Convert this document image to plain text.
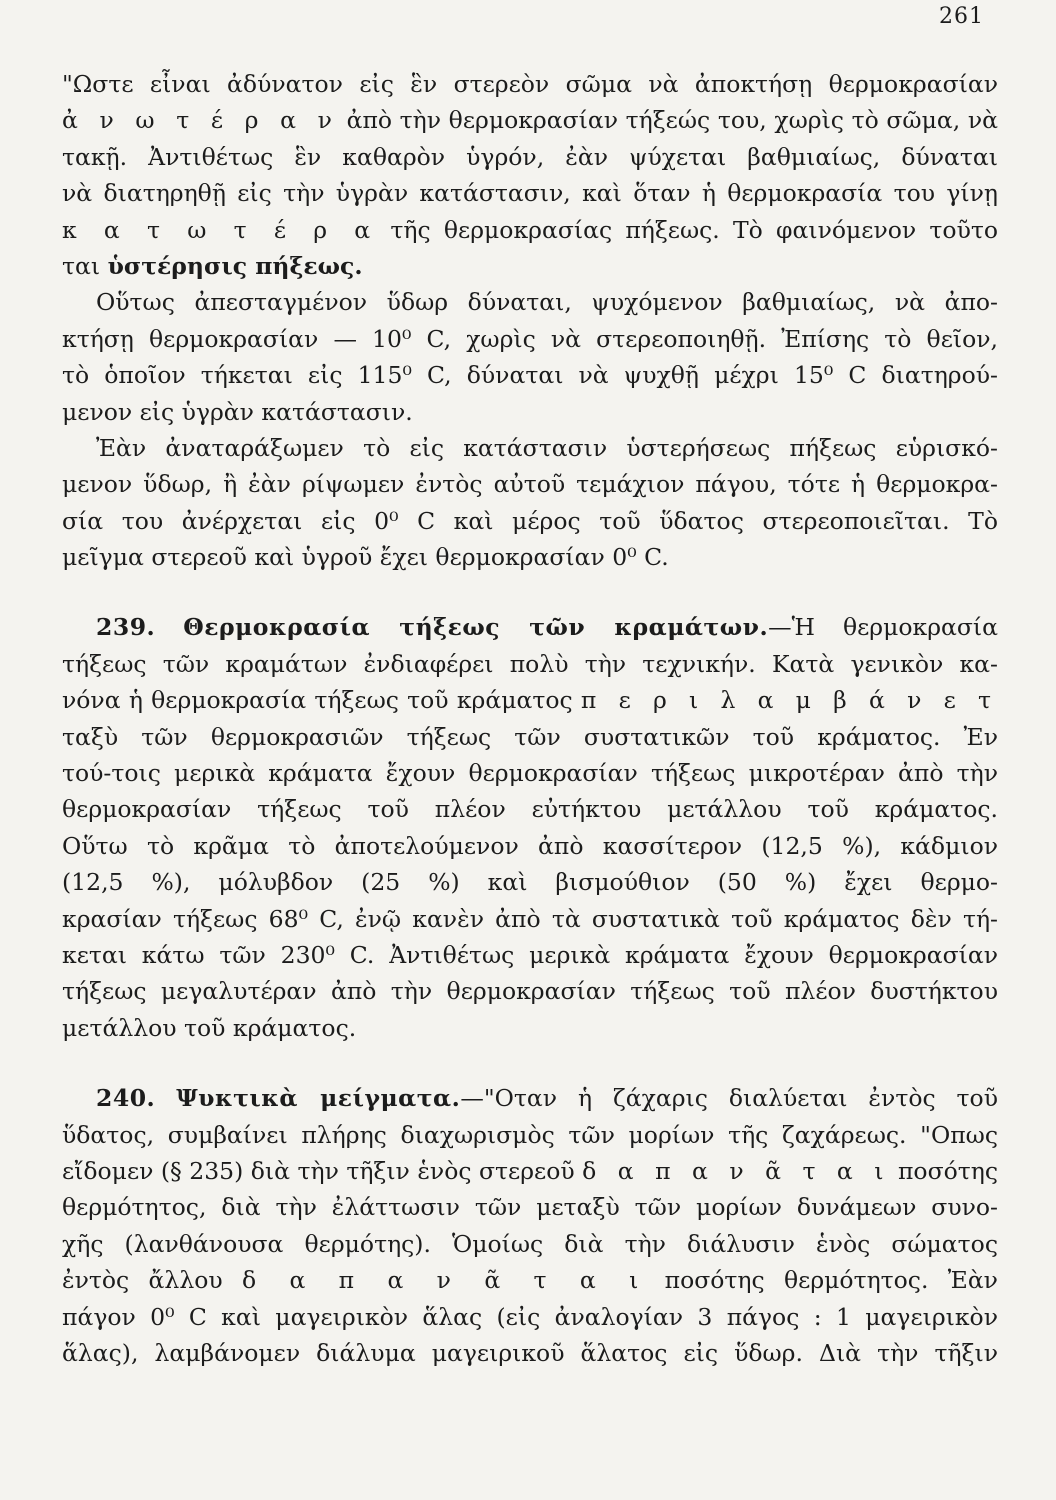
261
"Ωστε εἶναι ἀδύνατον εἰς ἓν στερεὸν σῶμα νὰ ἀποκτήσῃ θερμοκρασίαν
ἀ ν ω τ έ ρ α ν ἀπὸ τὴν θερμοκρασίαν τήξεώς του, χωρὶς τὸ σῶμα, νὰ
τακῇ. Ἀντιθέτως ἓν καθαρὸν ὑγρόν, ἐὰν ψύχεται βαθμιαίως, δύναται
νὰ διατηρηθῇ εἰς τὴν ὑγρὰν κατάστασιν, καὶ ὅταν ἡ θερμοκρασία του γίνῃ
κ α τ ω τ έ ρ α τῆς θερμοκρασίας πήξεως. Τὸ φαινόμενον τοῦτο
ται ὑστέρησις πήξεως.
Οὕτως ἀπεσταγμένον ὕδωρ δύναται, ψυχόμενον βαθμιαίως, νὰ ἀπο-
κτήσῃ θερμοκρασίαν — 10⁰ C, χωρὶς νὰ στερεοποιηθῇ. Ἐπίσης τὸ θεῖον,
τὸ ὁποῖον τήκεται εἰς 115⁰ C, δύναται νὰ ψυχθῇ μέχρι 15⁰ C διατηρού-
μενον εἰς ὑγρὰν κατάστασιν.
Ἐὰν ἀναταράξωμεν τὸ εἰς κατάστασιν ὑστερήσεως πήξεως εὑρισκό-
μενον ὕδωρ, ἢ ἐὰν ρίψωμεν ἐντὸς αὐτοῦ τεμάχιον πάγου, τότε ἡ θερμοκρα-
σία του ἀνέρχεται εἰς 0⁰ C καὶ μέρος τοῦ ὕδατος στερεοποιεῖται. Τὸ
μεῖγμα στερεοῦ καὶ ὑγροῦ ἔχει θερμοκρασίαν 0⁰ C.
239. Θερμοκρασία τήξεως τῶν κραμάτων.—Ἡ θερμοκρασία
τήξεως τῶν κραμάτων ἐνδιαφέρει πολὺ τὴν τεχνικήν. Κατὰ γενικὸν κα-
νόνα ἡ θερμοκρασία τήξεως τοῦ κράματος π ε ρ ι λ α μ β ά ν ε τ
ταξὺ τῶν θερμοκρασιῶν τήξεως τῶν συστατικῶν τοῦ κράματος. Ἐν
τού-τοις μερικὰ κράματα ἔχουν θερμοκρασίαν τήξεως μικροτέραν ἀπὸ τὴν
θερμοκρασίαν τήξεως τοῦ πλέον εὐτήκτου μετάλλου τοῦ κράματος.
Οὕτω τὸ κρᾶμα τὸ ἀποτελούμενον ἀπὸ κασσίτερον (12,5 %), κάδμιον
(12,5 %), μόλυβδον (25 %) καὶ βισμούθιον (50 %) ἔχει θερμο-
κρασίαν τήξεως 68⁰ C, ἐνῷ κανὲν ἀπὸ τὰ συστατικὰ τοῦ κράματος δὲν τή-
κεται κάτω τῶν 230⁰ C. Ἀντιθέτως μερικὰ κράματα ἔχουν θερμοκρασίαν
τήξεως μεγαλυτέραν ἀπὸ τὴν θερμοκρασίαν τήξεως τοῦ πλέον δυστήκτου
μετάλλου τοῦ κράματος.
240. Ψυκτικὰ μείγματα.—"Οταν ἡ ζάχαρις διαλύεται ἐντὸς τοῦ
ὕδατος, συμβαίνει πλήρης διαχωρισμὸς τῶν μορίων τῆς ζαχάρεως. "Οπως
εἴδομεν (§ 235) διὰ τὴν τῆξιν ἑνὸς στερεοῦ δ α π α ν ᾶ τ α ι ποσότης
θερμότητος, διὰ τὴν ἐλάττωσιν τῶν μεταξὺ τῶν μορίων δυνάμεων συνο-
χῆς (λανθάνουσα θερμότης). Ὁμοίως διὰ τὴν διάλυσιν ἑνὸς σώματος
ἐντὸς ἄλλου δ α π α ν ᾶ τ α ι ποσότης θερμότητος. Ἐὰν
πάγον 0⁰ C καὶ μαγειρικὸν ἅλας (εἰς ἀναλογίαν 3 πάγος : 1 μαγειρικὸν
ἅλας), λαμβάνομεν διάλυμα μαγειρικοῦ ἅλατος εἰς ὕδωρ. Διὰ τὴν τῆξιν
